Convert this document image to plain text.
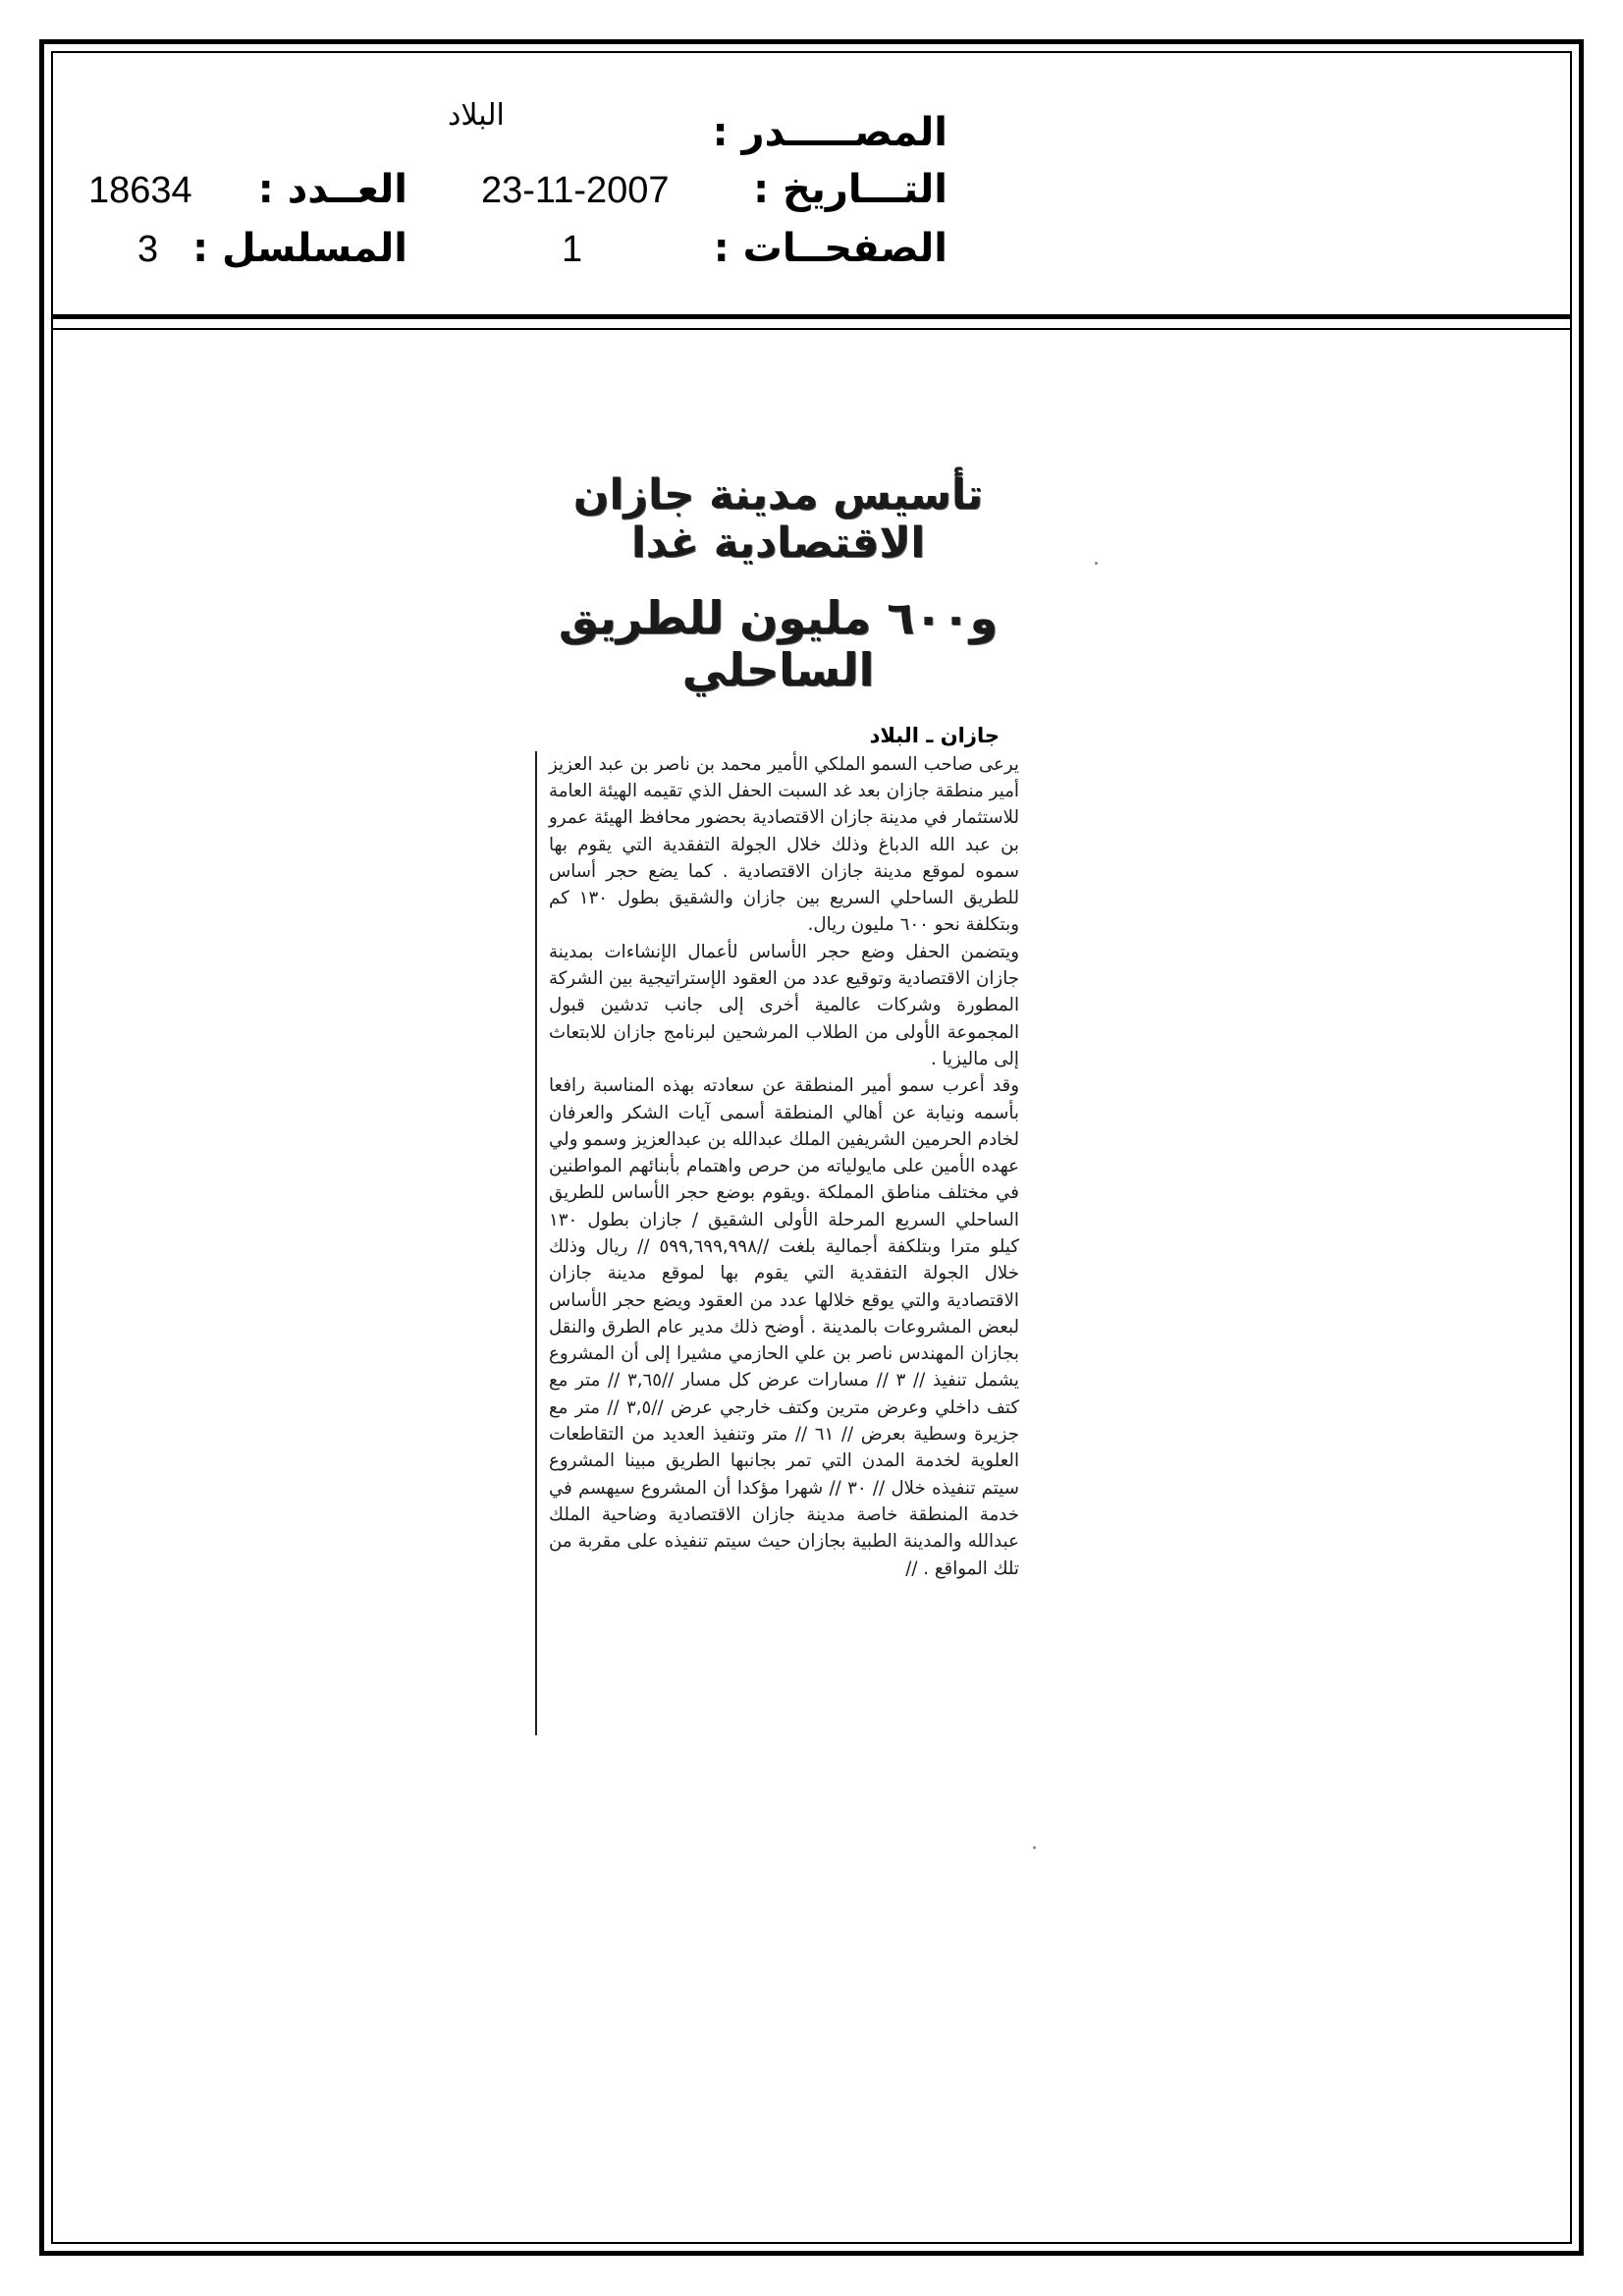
المصـــــدر :
البلاد
التـــاريخ :
23-11-2007
العــدد :
18634
الصفحــات :
1
المسلسل :
3
تأسيس مدينة جازان الاقتصادية غدا
و٦٠٠ مليون للطريق الساحلي
جازان ـ البلاد

يرعى صاحب السمو الملكي الأمير محمد بن ناصر بن عبد العزيز أمير منطقة جازان بعد غد السبت الحفل الذي تقيمه الهيئة العامة للاستثمار في مدينة جازان الاقتصادية بحضور محافظ الهيئة عمرو بن عبد الله الدباغ وذلك خلال الجولة التفقدية التي يقوم بها سموه لموقع مدينة جازان الاقتصادية . كما يضع حجر أساس للطريق الساحلي السريع بين جازان والشقيق بطول ١٣٠ كم وبتكلفة نحو ٦٠٠ مليون ريال.

ويتضمن الحفل وضع حجر الأساس لأعمال الإنشاءات بمدينة جازان الاقتصادية وتوقيع عدد من العقود الإستراتيجية بين الشركة المطورة وشركات عالمية أخرى إلى جانب تدشين قبول المجموعة الأولى من الطلاب المرشحين لبرنامج جازان للابتعاث إلى ماليزيا .

وقد أعرب سمو أمير المنطقة عن سعادته بهذه المناسبة رافعا بأسمه ونيابة عن أهالي المنطقة أسمى آيات الشكر والعرفان لخادم الحرمين الشريفين الملك عبدالله بن عبدالعزيز وسمو ولي عهده الأمين على مايولياته من حرص واهتمام بأبنائهم المواطنين في مختلف مناطق المملكة .ويقوم بوضع حجر الأساس للطريق الساحلي السريع المرحلة الأولى الشقيق / جازان بطول ١٣٠ كيلو مترا وبتلكفة أجمالية بلغت //٥٩٩,٦٩٩,٩٩٨ // ريال وذلك خلال الجولة التفقدية التي يقوم بها لموقع مدينة جازان الاقتصادية والتي يوقع خلالها عدد من العقود ويضع حجر الأساس لبعض المشروعات بالمدينة . أوضح ذلك مدير عام الطرق والنقل بجازان المهندس ناصر بن علي الحازمي مشيرا إلى أن المشروع يشمل تنفيذ // ٣ // مسارات عرض كل مسار //٣,٦٥ // متر مع كتف داخلي وعرض مترين وكتف خارجي عرض //٣,٥ // متر مع جزيرة وسطية بعرض // ٦١ // متر وتنفيذ العديد من التقاطعات العلوية لخدمة المدن التي تمر بجانبها الطريق مبينا المشروع سيتم تنفيذه خلال // ٣٠ // شهرا مؤكدا أن المشروع سيهسم في خدمة المنطقة خاصة مدينة جازان الاقتصادية وضاحية الملك عبدالله والمدينة الطبية بجازان حيث سيتم تنفيذه على مقربة من تلك المواقع . //
